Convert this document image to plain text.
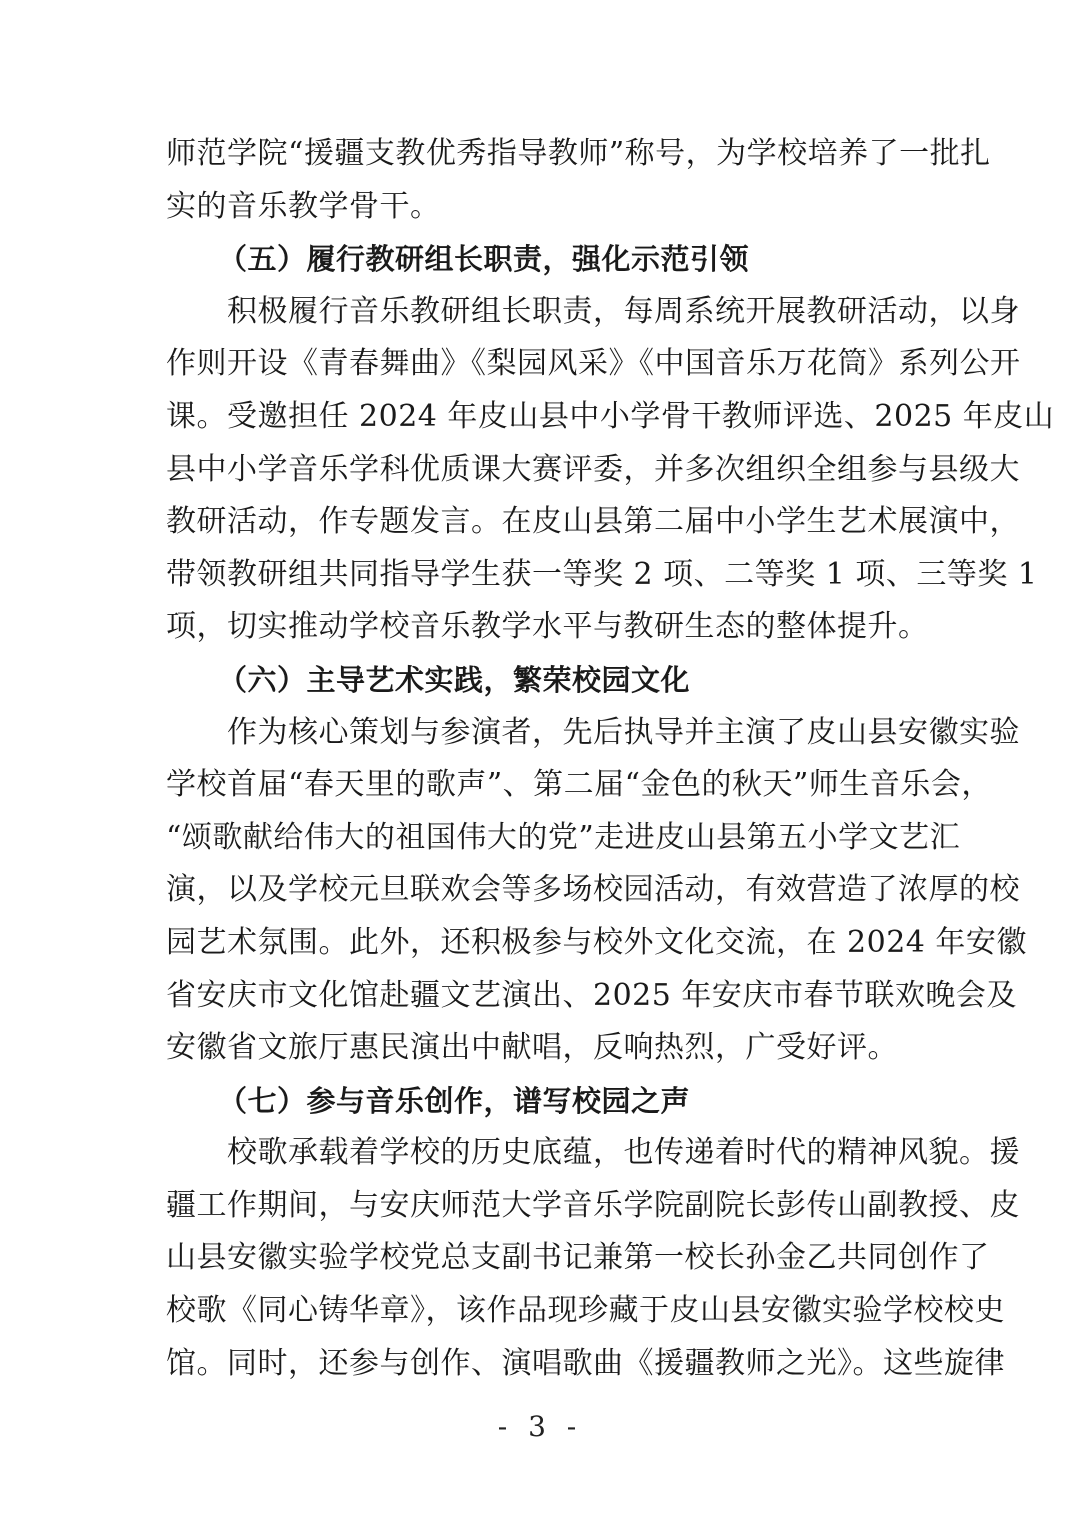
师范学院“援疆支教优秀指导教师”称号，为学校培养了一批扎
实的音乐教学骨干。
（五）履行教研组长职责，强化示范引领
　　积极履行音乐教研组长职责，每周系统开展教研活动，以身
作则开设《青春舞曲》《梨园风采》《中国音乐万花筒》系列公开
课。受邀担任 2024 年皮山县中小学骨干教师评选、2025 年皮山
县中小学音乐学科优质课大赛评委，并多次组织全组参与县级大
教研活动，作专题发言。在皮山县第二届中小学生艺术展演中，
带领教研组共同指导学生获一等奖 2 项、二等奖 1 项、三等奖 1
项，切实推动学校音乐教学水平与教研生态的整体提升。
（六）主导艺术实践，繁荣校园文化
　　作为核心策划与参演者，先后执导并主演了皮山县安徽实验
学校首届“春天里的歌声”、第二届“金色的秋天”师生音乐会，
“颂歌献给伟大的祖国伟大的党”走进皮山县第五小学文艺汇
演，以及学校元旦联欢会等多场校园活动，有效营造了浓厚的校
园艺术氛围。此外，还积极参与校外文化交流，在 2024 年安徽
省安庆市文化馆赴疆文艺演出、2025 年安庆市春节联欢晚会及
安徽省文旅厅惠民演出中献唱，反响热烈，广受好评。
（七）参与音乐创作，谱写校园之声
　　校歌承载着学校的历史底蕴，也传递着时代的精神风貌。援
疆工作期间，与安庆师范大学音乐学院副院长彭传山副教授、皮
山县安徽实验学校党总支副书记兼第一校长孙金乙共同创作了
校歌《同心铸华章》，该作品现珍藏于皮山县安徽实验学校校史
馆。同时，还参与创作、演唱歌曲《援疆教师之光》。这些旋律
- 3 -
